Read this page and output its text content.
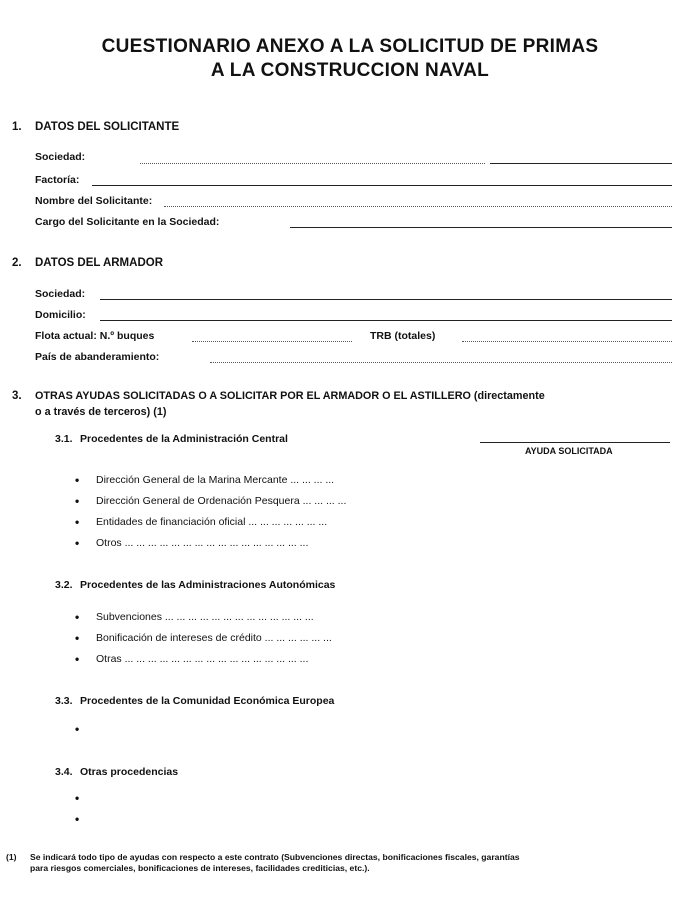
CUESTIONARIO ANEXO A LA SOLICITUD DE PRIMAS
A LA CONSTRUCCION NAVAL
1. DATOS DEL SOLICITANTE
Sociedad:
Factoría:
Nombre del Solicitante:
Cargo del Solicitante en la Sociedad:
2. DATOS DEL ARMADOR
Sociedad:
Domicilio:
Flota actual: N.º buques	TRB (totales)
País de abanderamiento:
3. OTRAS AYUDAS SOLICITADAS O A SOLICITAR POR EL ARMADOR O EL ASTILLERO (directamente
o a través de terceros) (1)
3.1. Procedentes de la Administración Central
AYUDA SOLICITADA
• Dirección General de la Marina Mercante ... ... ... ...
• Dirección General de Ordenación Pesquera ... ... ... ...
• Entidades de financiación oficial ... ... ... ... ... ... ...
• Otros ... ... ... ... ... ... ... ... ... ... ... ... ... ... ... ...
3.2. Procedentes de las Administraciones Autonómicas
• Subvenciones ... ... ... ... ... ... ... ... ... ... ... ... ...
• Bonificación de intereses de crédito ... ... ... ... ... ...
• Otras ... ... ... ... ... ... ... ... ... ... ... ... ... ... ... ...
3.3. Procedentes de la Comunidad Económica Europea
•
3.4. Otras procedencias
•
•
(1) Se indicará todo tipo de ayudas con respecto a este contrato (Subvenciones directas, bonificaciones fiscales, garantías
para riesgos comerciales, bonificaciones de intereses, facilidades crediticias, etc.).
